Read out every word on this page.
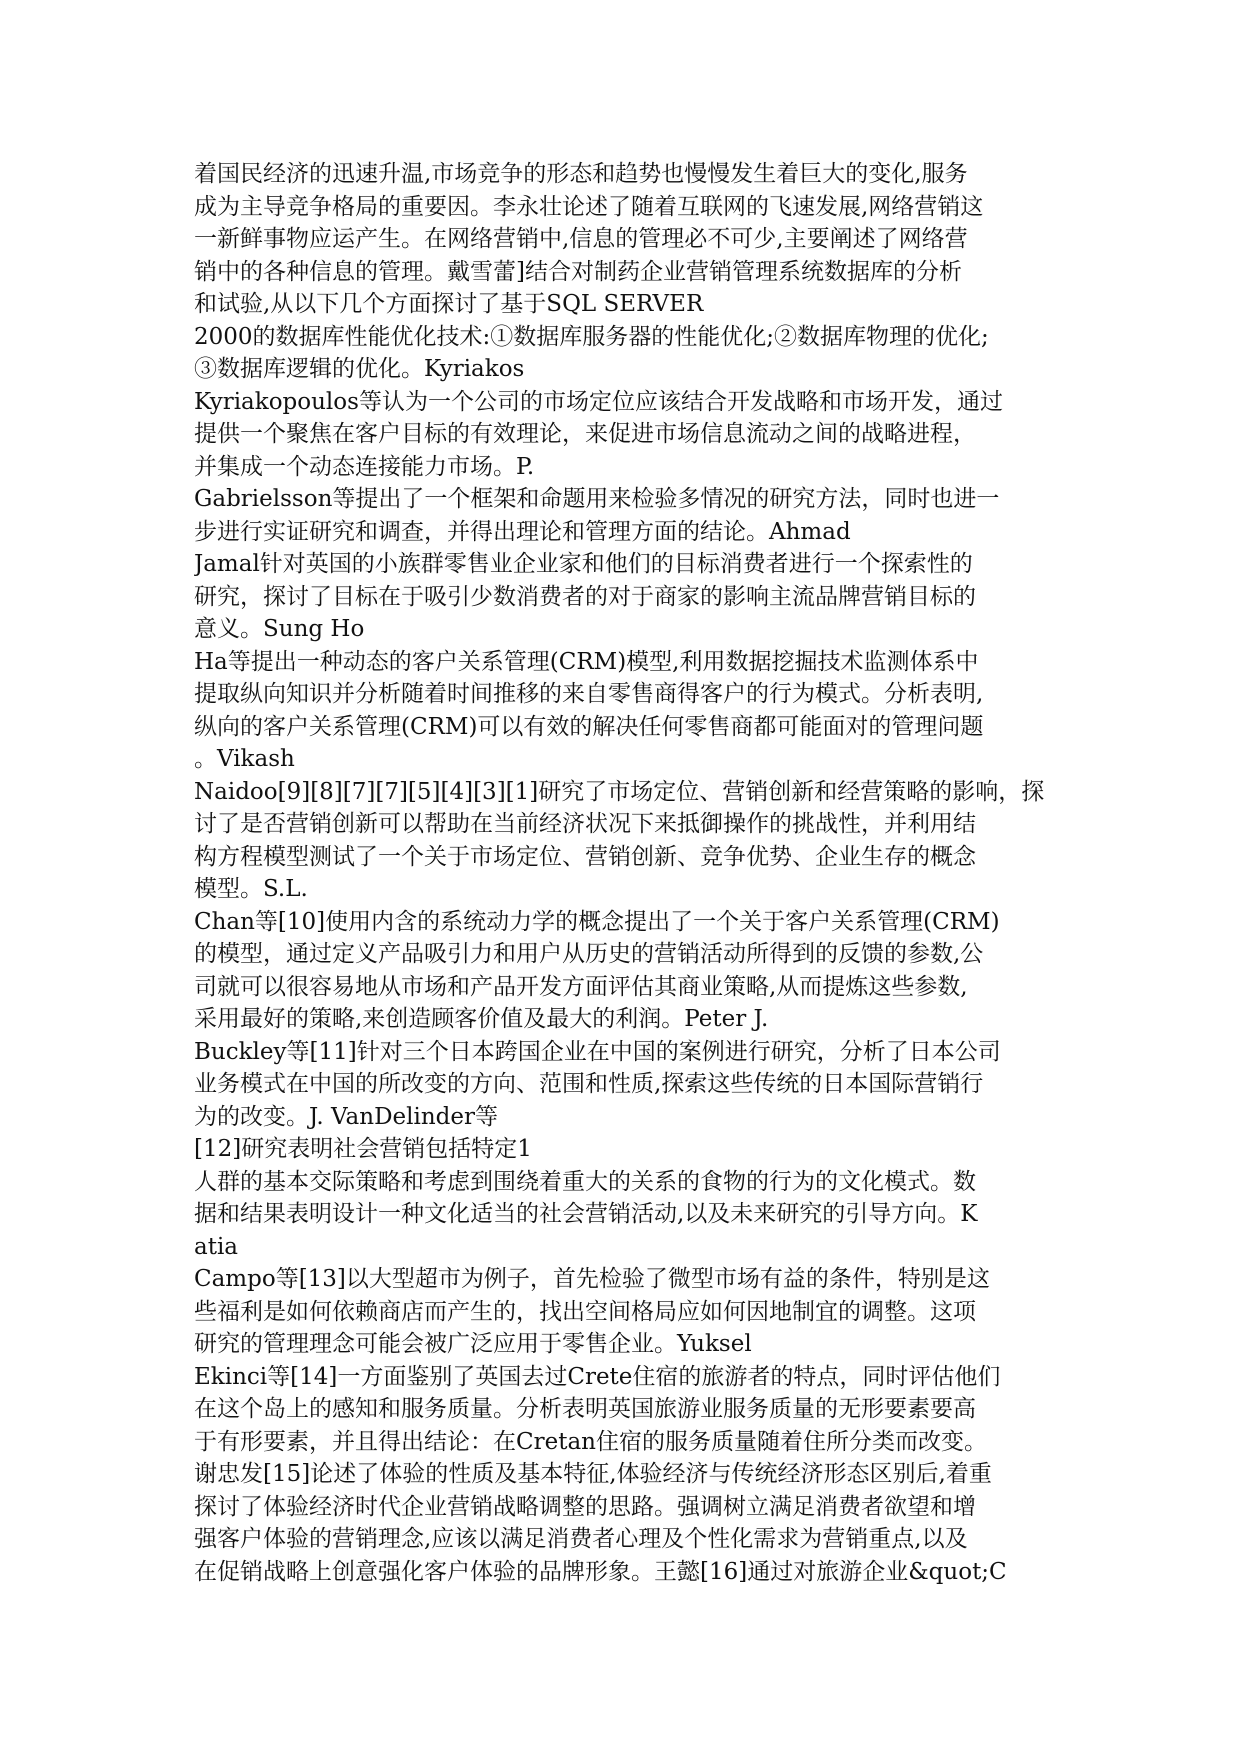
着国民经济的迅速升温,市场竞争的形态和趋势也慢慢发生着巨大的变化,服务
成为主导竞争格局的重要因。李永壮论述了随着互联网的飞速发展,网络营销这
一新鲜事物应运产生。在网络营销中,信息的管理必不可少,主要阐述了网络营
销中的各种信息的管理。戴雪蕾]结合对制药企业营销管理系统数据库的分析
和试验,从以下几个方面探讨了基于SQL SERVER
2000的数据库性能优化技术:①数据库服务器的性能优化;②数据库物理的优化;
③数据库逻辑的优化。Kyriakos
Kyriakopoulos等认为一个公司的市场定位应该结合开发战略和市场开发，通过
提供一个聚焦在客户目标的有效理论，来促进市场信息流动之间的战略进程，
并集成一个动态连接能力市场。P.
Gabrielsson等提出了一个框架和命题用来检验多情况的研究方法，同时也进一
步进行实证研究和调查，并得出理论和管理方面的结论。Ahmad
Jamal针对英国的小族群零售业企业家和他们的目标消费者进行一个探索性的
研究，探讨了目标在于吸引少数消费者的对于商家的影响主流品牌营销目标的
意义。Sung Ho
Ha等提出一种动态的客户关系管理(CRM)模型,利用数据挖掘技术监测体系中
提取纵向知识并分析随着时间推移的来自零售商得客户的行为模式。分析表明,
纵向的客户关系管理(CRM)可以有效的解决任何零售商都可能面对的管理问题
。Vikash
Naidoo[9][8][7][7][5][4][3][1]研究了市场定位、营销创新和经营策略的影响，探
讨了是否营销创新可以帮助在当前经济状况下来抵御操作的挑战性，并利用结
构方程模型测试了一个关于市场定位、营销创新、竞争优势、企业生存的概念
模型。S.L.
Chan等[10]使用内含的系统动力学的概念提出了一个关于客户关系管理(CRM)
的模型，通过定义产品吸引力和用户从历史的营销活动所得到的反馈的参数,公
司就可以很容易地从市场和产品开发方面评估其商业策略,从而提炼这些参数,
采用最好的策略,来创造顾客价值及最大的利润。Peter J.
Buckley等[11]针对三个日本跨国企业在中国的案例进行研究，分析了日本公司
业务模式在中国的所改变的方向、范围和性质,探索这些传统的日本国际营销行
为的改变。J. VanDelinder等
[12]研究表明社会营销包括特定1
人群的基本交际策略和考虑到围绕着重大的关系的食物的行为的文化模式。数
据和结果表明设计一种文化适当的社会营销活动,以及未来研究的引导方向。K
atia
Campo等[13]以大型超市为例子，首先检验了微型市场有益的条件，特别是这
些福利是如何依赖商店而产生的，找出空间格局应如何因地制宜的调整。这项
研究的管理理念可能会被广泛应用于零售企业。Yuksel
Ekinci等[14]一方面鉴别了英国去过Crete住宿的旅游者的特点，同时评估他们
在这个岛上的感知和服务质量。分析表明英国旅游业服务质量的无形要素要高
于有形要素，并且得出结论：在Cretan住宿的服务质量随着住所分类而改变。
谢忠发[15]论述了体验的性质及基本特征,体验经济与传统经济形态区别后,着重
探讨了体验经济时代企业营销战略调整的思路。强调树立满足消费者欲望和增
强客户体验的营销理念,应该以满足消费者心理及个性化需求为营销重点,以及
在促销战略上创意强化客户体验的品牌形象。王懿[16]通过对旅游企业&quot;C
